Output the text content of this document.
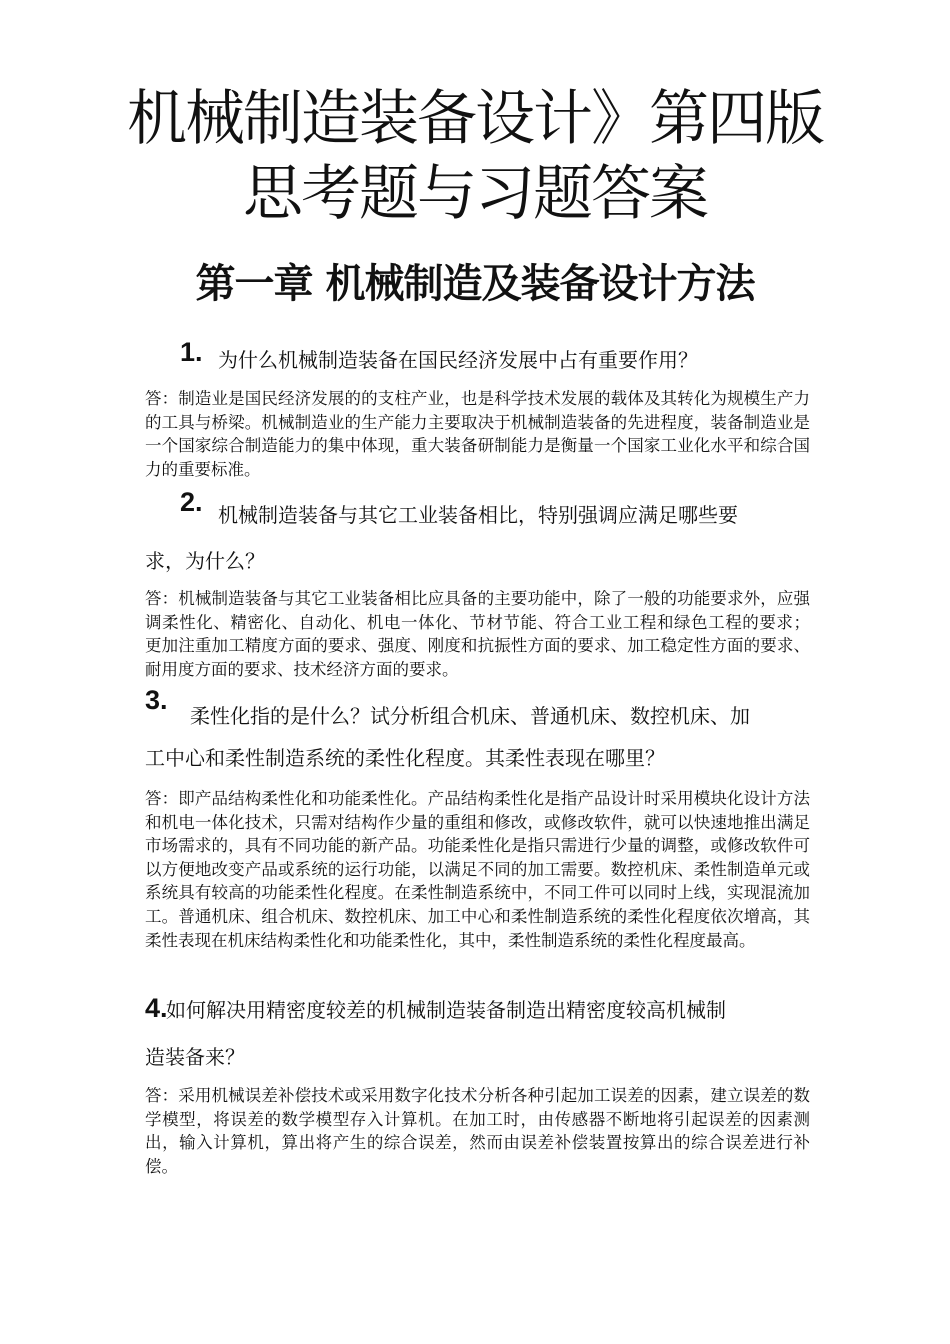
机械制造装备设计》第四版
思考题与习题答案
第一章 机械制造及装备设计方法
1. 为什么机械制造装备在国民经济发展中占有重要作用？

答：制造业是国民经济发展的的支柱产业，也是科学技术发展的载体及其转化为规模生产力的工具与桥梁。机械制造业的生产能力主要取决于机械制造装备的先进程度，装备制造业是一个国家综合制造能力的集中体现，重大装备研制能力是衡量一个国家工业化水平和综合国力的重要标准。

2. 机械制造装备与其它工业装备相比，特别强调应满足哪些要
求，为什么？

答：机械制造装备与其它工业装备相比应具备的主要功能中，除了一般的功能要求外，应强调柔性化、精密化、自动化、机电一体化、节材节能、符合工业工程和绿色工程的要求； 更加注重加工精度方面的要求、强度、刚度和抗振性方面的要求、加工稳定性方面的要求、耐用度方面的要求、技术经济方面的要求。

3.
柔性化指的是什么？试分析组合机床、普通机床、数控机床、加
工中心和柔性制造系统的柔性化程度。其柔性表现在哪里？

答：即产品结构柔性化和功能柔性化。产品结构柔性化是指产品设计时采用模块化设计方法和机电一体化技术，只需对结构作少量的重组和修改，或修改软件，就可以快速地推出满足市场需求的，具有不同功能的新产品。功能柔性化是指只需进行少量的调整，或修改软件可以方便地改变产品或系统的运行功能，以满足不同的加工需要。数控机床、柔性制造单元或系统具有较高的功能柔性化程度。在柔性制造系统中，不同工件可以同时上线，实现混流加工。普通机床、组合机床、数控机床、加工中心和柔性制造系统的柔性化程度依次增高，其柔性表现在机床结构柔性化和功能柔性化，其中，柔性制造系统的柔性化程度最高。

4.
如何解决用精密度较差的机械制造装备制造出精密度较高机械制
造装备来？

答：采用机械误差补偿技术或采用数字化技术分析各种引起加工误差的因素，建立误差的数学模型，将误差的数学模型存入计算机。在加工时，由传感器不断地将引起误差的因素测出，输入计算机，算出将产生的综合误差，然而由误差补偿装置按算出的综合误差进行补偿。
